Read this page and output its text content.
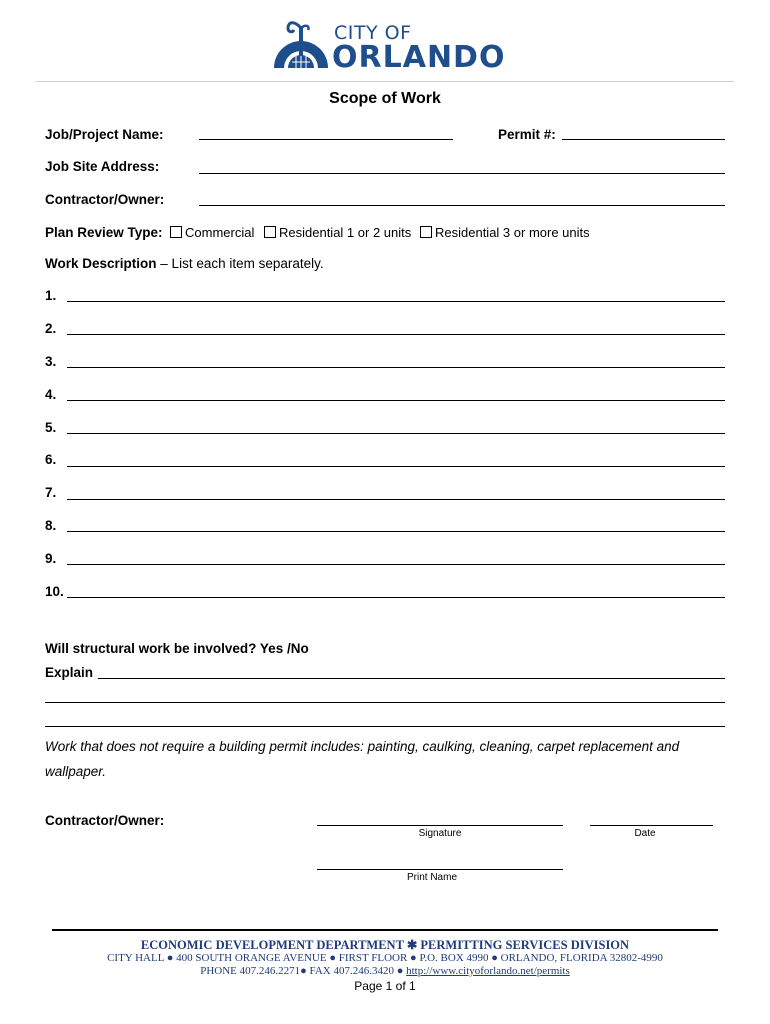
CITY OF
ORLANDO
Scope of Work
Job/Project Name:	Permit #:
Job Site Address:
Contractor/Owner:
Plan Review Type:	Commercial	Residential 1 or 2 units	Residential 3 or more units
Work Description – List each item separately.
1.
2.
3.
4.
5.
6.
7.
8.
9.
10.
Will structural work be involved? Yes /No
Explain
Work that does not require a building permit includes: painting, caulking, cleaning, carpet replacement and wallpaper.
Contractor/Owner:
Signature	Date
Print Name
ECONOMIC DEVELOPMENT DEPARTMENT ✱ PERMITTING SERVICES DIVISION
CITY HALL ● 400 SOUTH ORANGE AVENUE ● FIRST FLOOR ● P.O. BOX 4990 ● ORLANDO, FLORIDA 32802-4990
PHONE 407.246.2271● FAX 407.246.3420 ● http://www.cityoforlando.net/permits
Page 1 of 1
